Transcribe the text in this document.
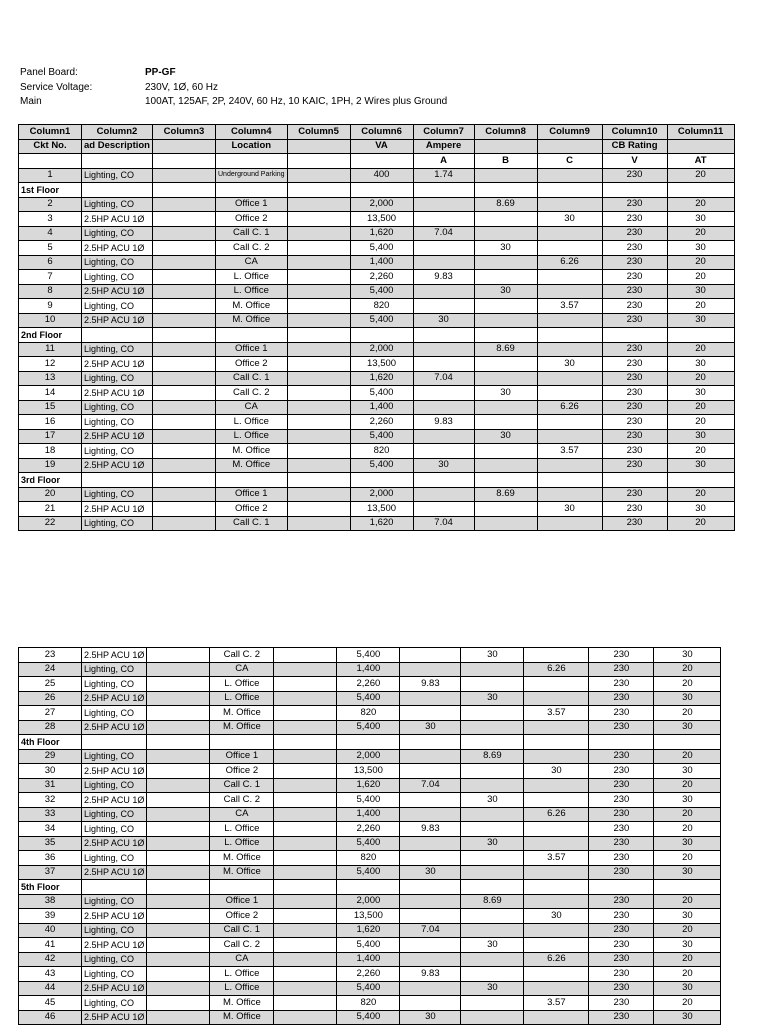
Panel Board:	PP-GF
Service Voltage:	230V, 1Ø, 60 Hz
Main	100AT, 125AF, 2P, 240V, 60 Hz, 10 KAIC, 1PH, 2 Wires plus Ground
Column1	Column2	Column3	Column4	Column5	Column6	Column7	Column8	Column9	Column10	Column11
Ckt No.	ad Description		Location		VA	Ampere			CB Rating	
						A	B	C	V	AT
1	Lighting, CO		Underground Parking		400	1.74			230	20
1st Floor										
2	Lighting, CO		Office 1		2,000		8.69		230	20
3	2.5HP ACU 1Ø		Office 2		13,500			30	230	30
4	Lighting, CO		Call C. 1		1,620	7.04			230	20
5	2.5HP ACU 1Ø		Call C. 2		5,400		30		230	30
6	Lighting, CO		CA		1,400			6.26	230	20
7	Lighting, CO		L. Office		2,260	9.83			230	20
8	2.5HP ACU 1Ø		L. Office		5,400		30		230	30
9	Lighting, CO		M. Office		820			3.57	230	20
10	2.5HP ACU 1Ø		M. Office		5,400	30			230	30
2nd Floor										
11	Lighting, CO		Office 1		2,000		8.69		230	20
12	2.5HP ACU 1Ø		Office 2		13,500			30	230	30
13	Lighting, CO		Call C. 1		1,620	7.04			230	20
14	2.5HP ACU 1Ø		Call C. 2		5,400		30		230	30
15	Lighting, CO		CA		1,400			6.26	230	20
16	Lighting, CO		L. Office		2,260	9.83			230	20
17	2.5HP ACU 1Ø		L. Office		5,400		30		230	30
18	Lighting, CO		M. Office		820			3.57	230	20
19	2.5HP ACU 1Ø		M. Office		5,400	30			230	30
3rd Floor										
20	Lighting, CO		Office 1		2,000		8.69		230	20
21	2.5HP ACU 1Ø		Office 2		13,500			30	230	30
22	Lighting, CO		Call C. 1		1,620	7.04			230	20
23	2.5HP ACU 1Ø		Call C. 2		5,400		30		230	30
24	Lighting, CO		CA		1,400			6.26	230	20
25	Lighting, CO		L. Office		2,260	9.83			230	20
26	2.5HP ACU 1Ø		L. Office		5,400		30		230	30
27	Lighting, CO		M. Office		820			3.57	230	20
28	2.5HP ACU 1Ø		M. Office		5,400	30			230	30
4th Floor										
29	Lighting, CO		Office 1		2,000		8.69		230	20
30	2.5HP ACU 1Ø		Office 2		13,500			30	230	30
31	Lighting, CO		Call C. 1		1,620	7.04			230	20
32	2.5HP ACU 1Ø		Call C. 2		5,400		30		230	30
33	Lighting, CO		CA		1,400			6.26	230	20
34	Lighting, CO		L. Office		2,260	9.83			230	20
35	2.5HP ACU 1Ø		L. Office		5,400		30		230	30
36	Lighting, CO		M. Office		820			3.57	230	20
37	2.5HP ACU 1Ø		M. Office		5,400	30			230	30
5th Floor										
38	Lighting, CO		Office 1		2,000		8.69		230	20
39	2.5HP ACU 1Ø		Office 2		13,500			30	230	30
40	Lighting, CO		Call C. 1		1,620	7.04			230	20
41	2.5HP ACU 1Ø		Call C. 2		5,400		30		230	30
42	Lighting, CO		CA		1,400			6.26	230	20
43	Lighting, CO		L. Office		2,260	9.83			230	20
44	2.5HP ACU 1Ø		L. Office		5,400		30		230	30
45	Lighting, CO		M. Office		820			3.57	230	20
46	2.5HP ACU 1Ø		M. Office		5,400	30			230	30
